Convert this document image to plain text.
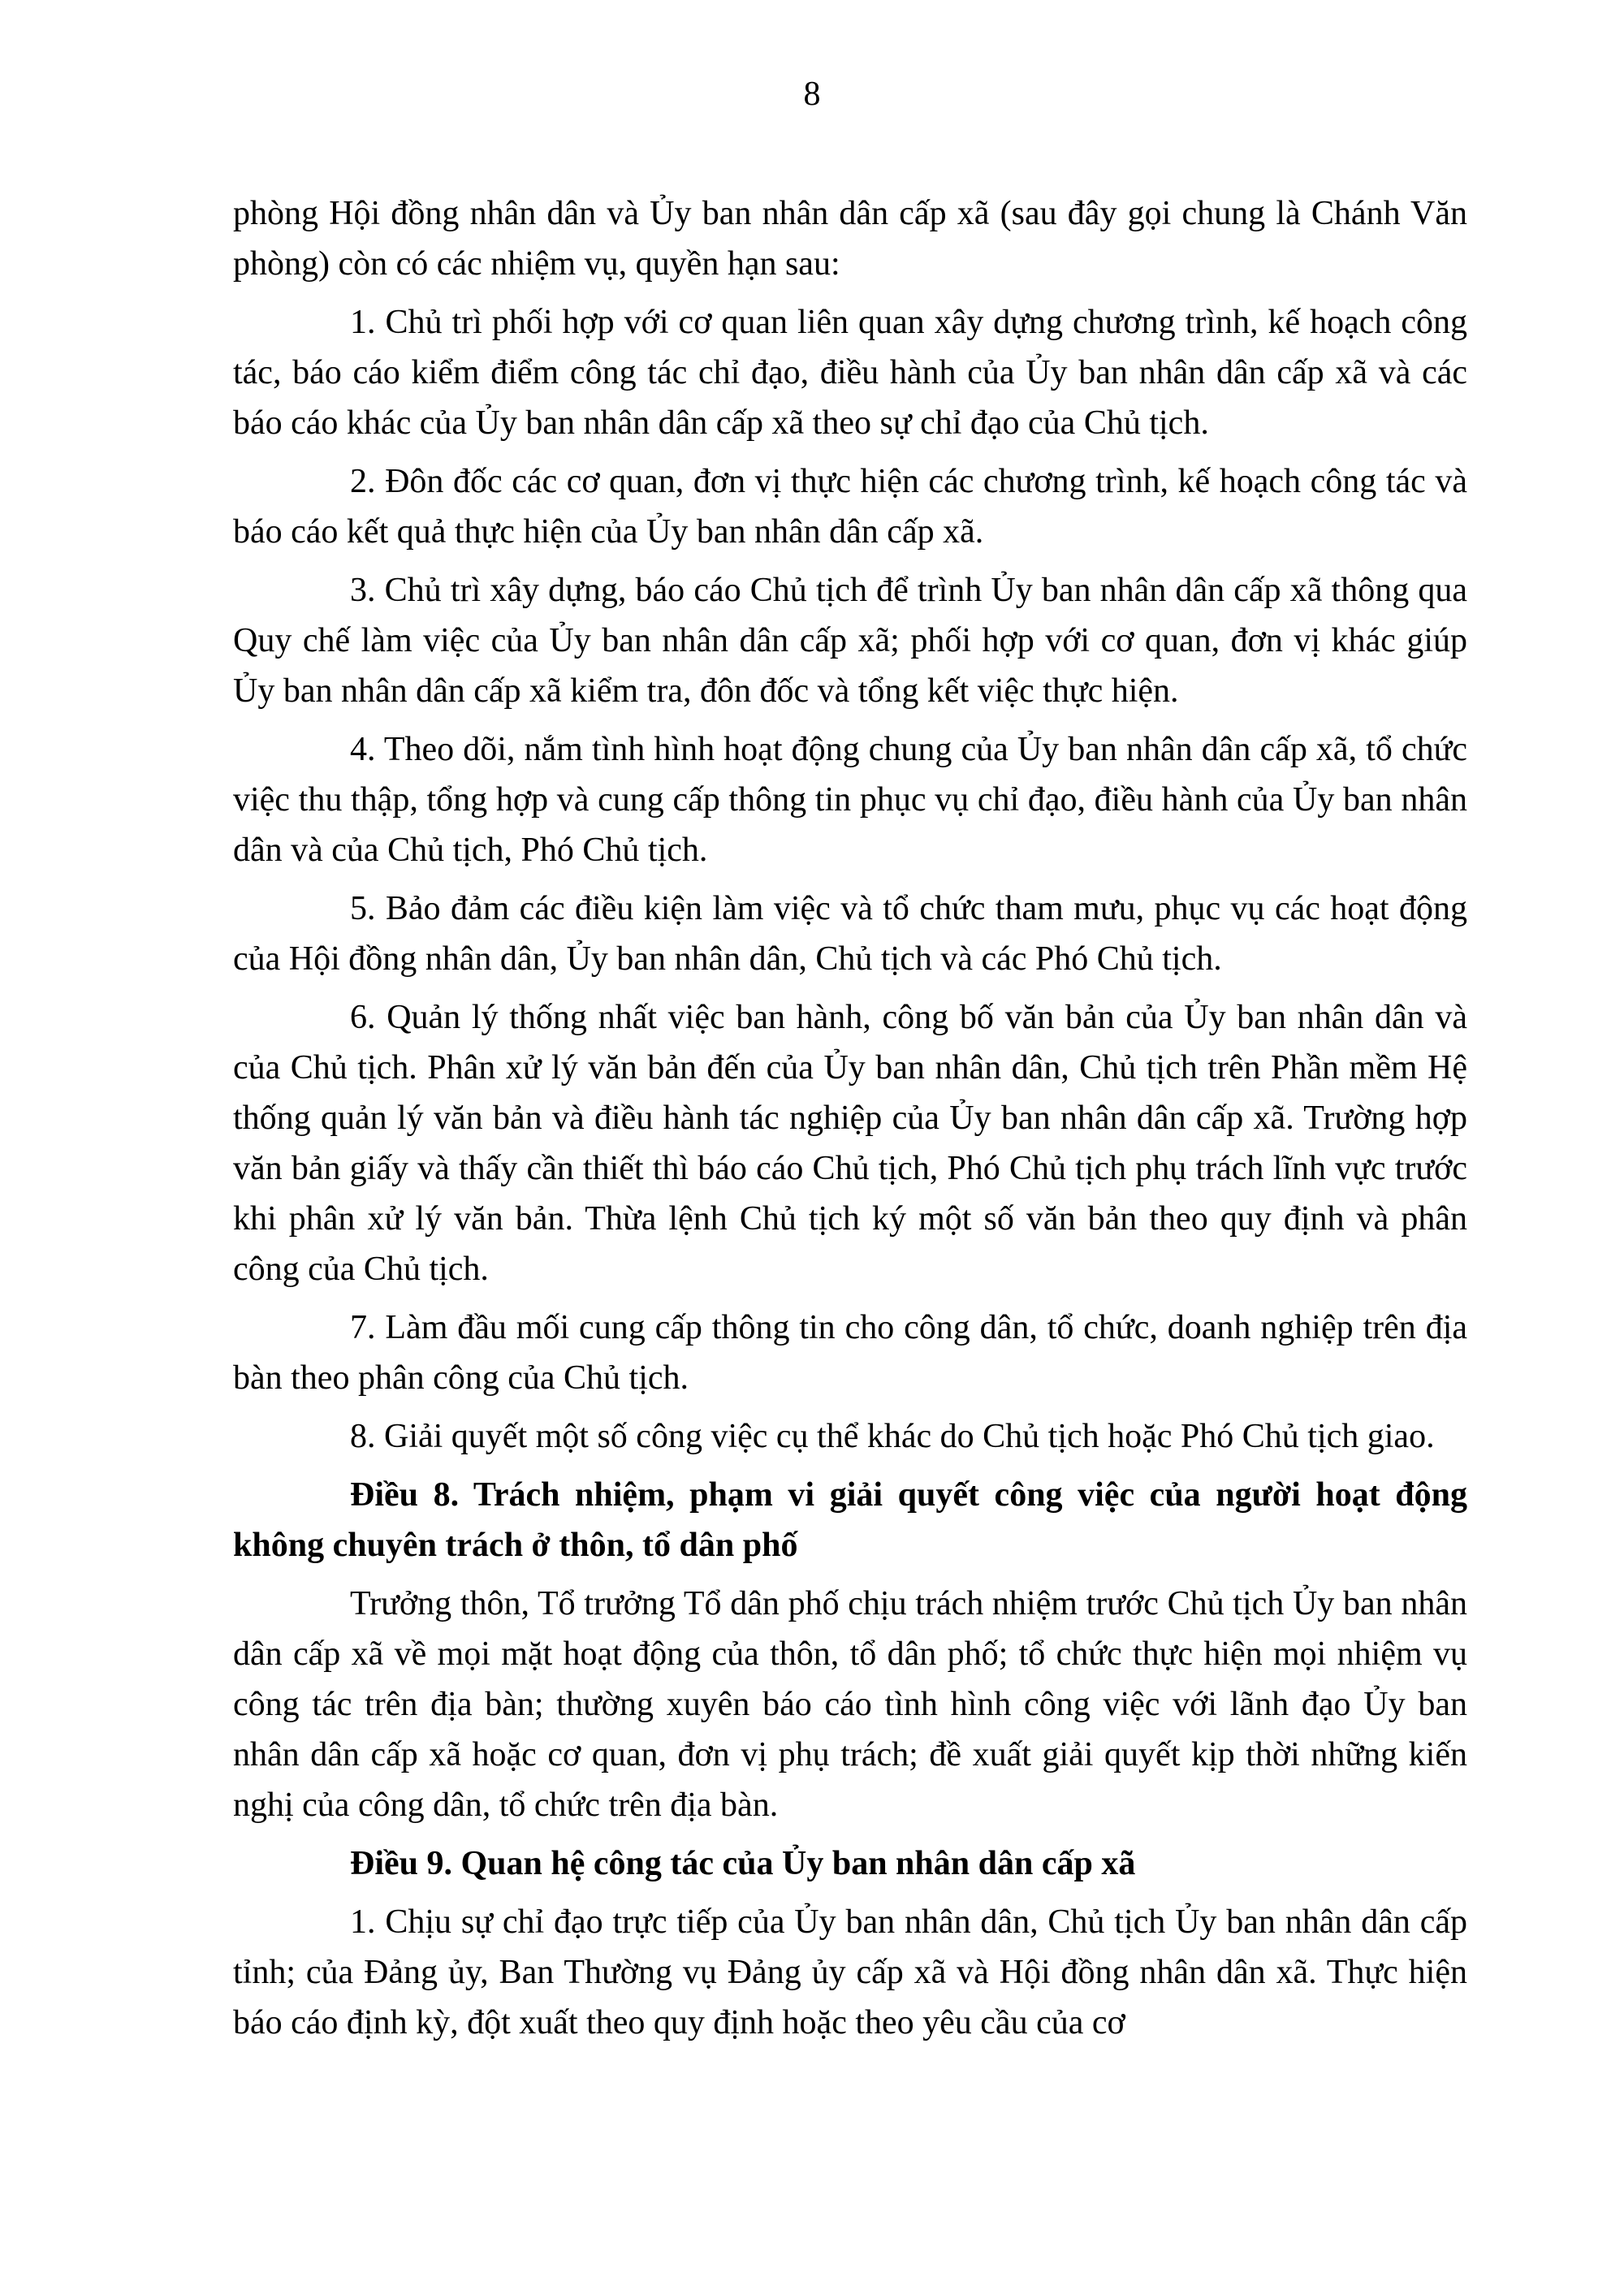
8

phòng Hội đồng nhân dân và Ủy ban nhân dân cấp xã (sau đây gọi chung là Chánh Văn phòng) còn có các nhiệm vụ, quyền hạn sau:

1. Chủ trì phối hợp với cơ quan liên quan xây dựng chương trình, kế hoạch công tác, báo cáo kiểm điểm công tác chỉ đạo, điều hành của Ủy ban nhân dân cấp xã và các báo cáo khác của Ủy ban nhân dân cấp xã theo sự chỉ đạo của Chủ tịch.

2. Đôn đốc các cơ quan, đơn vị thực hiện các chương trình, kế hoạch công tác và báo cáo kết quả thực hiện của Ủy ban nhân dân cấp xã.

3. Chủ trì xây dựng, báo cáo Chủ tịch để trình Ủy ban nhân dân cấp xã thông qua Quy chế làm việc của Ủy ban nhân dân cấp xã; phối hợp với cơ quan, đơn vị khác giúp Ủy ban nhân dân cấp xã kiểm tra, đôn đốc và tổng kết việc thực hiện.

4. Theo dõi, nắm tình hình hoạt động chung của Ủy ban nhân dân cấp xã, tổ chức việc thu thập, tổng hợp và cung cấp thông tin phục vụ chỉ đạo, điều hành của Ủy ban nhân dân và của Chủ tịch, Phó Chủ tịch.

5. Bảo đảm các điều kiện làm việc và tổ chức tham mưu, phục vụ các hoạt động của Hội đồng nhân dân, Ủy ban nhân dân, Chủ tịch và các Phó Chủ tịch.

6. Quản lý thống nhất việc ban hành, công bố văn bản của Ủy ban nhân dân và của Chủ tịch. Phân xử lý văn bản đến của Ủy ban nhân dân, Chủ tịch trên Phần mềm Hệ thống quản lý văn bản và điều hành tác nghiệp của Ủy ban nhân dân cấp xã. Trường hợp văn bản giấy và thấy cần thiết thì báo cáo Chủ tịch, Phó Chủ tịch phụ trách lĩnh vực trước khi phân xử lý văn bản. Thừa lệnh Chủ tịch ký một số văn bản theo quy định và phân công của Chủ tịch.

7. Làm đầu mối cung cấp thông tin cho công dân, tổ chức, doanh nghiệp trên địa bàn theo phân công của Chủ tịch.

8. Giải quyết một số công việc cụ thể khác do Chủ tịch hoặc Phó Chủ tịch giao.

Điều 8. Trách nhiệm, phạm vi giải quyết công việc của người hoạt động không chuyên trách ở thôn, tổ dân phố

Trưởng thôn, Tổ trưởng Tổ dân phố chịu trách nhiệm trước Chủ tịch Ủy ban nhân dân cấp xã về mọi mặt hoạt động của thôn, tổ dân phố; tổ chức thực hiện mọi nhiệm vụ công tác trên địa bàn; thường xuyên báo cáo tình hình công việc với lãnh đạo Ủy ban nhân dân cấp xã hoặc cơ quan, đơn vị phụ trách; đề xuất giải quyết kịp thời những kiến nghị của công dân, tổ chức trên địa bàn.

Điều 9. Quan hệ công tác của Ủy ban nhân dân cấp xã

1. Chịu sự chỉ đạo trực tiếp của Ủy ban nhân dân, Chủ tịch Ủy ban nhân dân cấp tỉnh; của Đảng ủy, Ban Thường vụ Đảng ủy cấp xã và Hội đồng nhân dân xã. Thực hiện báo cáo định kỳ, đột xuất theo quy định hoặc theo yêu cầu của cơ
